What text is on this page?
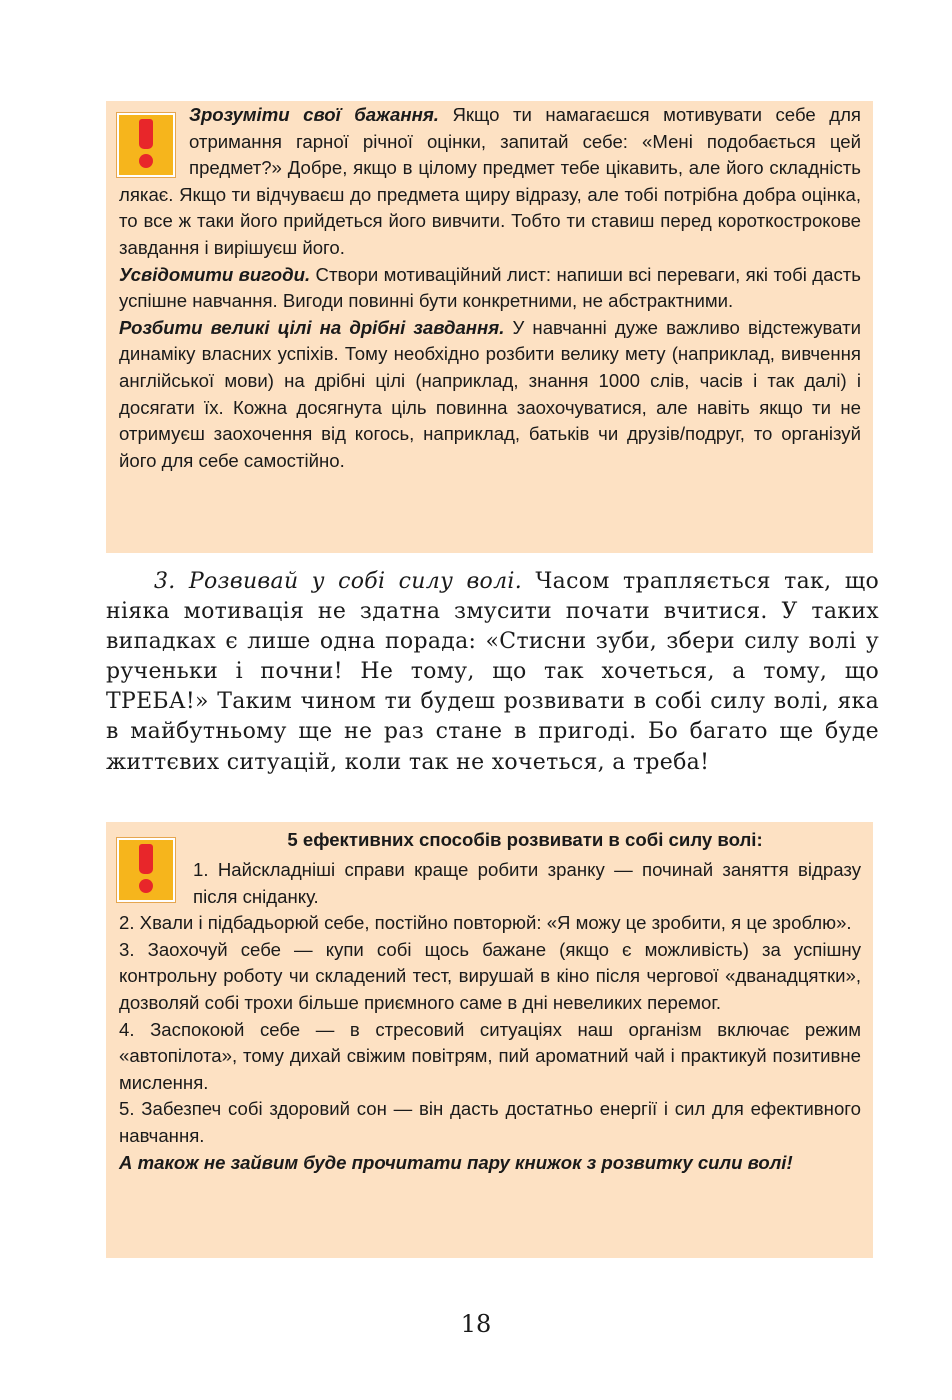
Зрозуміти свої бажання. Якщо ти намагаєшся мотивувати себе для отримання гарної річної оцінки, запитай себе: «Мені подобається цей предмет?» Добре, якщо в цілому предмет тебе цікавить, але його складність лякає. Якщо ти відчуваєш до предмета щиру відразу, але тобі потрібна добра оцінка, то все ж таки його прийдеться його вивчити. Тобто ти ставиш перед короткострокове завдання і вирішуєш його.

Усвідомити вигоди. Створи мотиваційний лист: напиши всі переваги, які тобі дасть успішне навчання. Вигоди повинні бути конкретними, не абстрактними.

Розбити великі цілі на дрібні завдання. У навчанні дуже важливо відстежувати динаміку власних успіхів. Тому необхідно розбити велику мету (наприклад, вивчення англійської мови) на дрібні цілі (наприклад, знання 1000 слів, часів і так далі) і досягати їх. Кожна досягнута ціль повинна заохочуватися, але навіть якщо ти не отримуєш заохочення від когось, наприклад, батьків чи друзів/подруг, то організуй його для себе самостійно.

3. Розвивай у собі силу волі. Часом трапляється так, що ніяка мотивація не здатна змусити почати вчитися. У таких випадках є лише одна порада: «Стисни зуби, збери силу волі у рученьки і почни! Не тому, що так хочеться, а тому, що ТРЕБА!» Таким чином ти будеш розвивати в собі силу волі, яка в майбутньому ще не раз стане в пригоді. Бо багато ще буде життєвих ситуацій, коли так не хочеться, а треба!

5 ефективних способів розвивати в собі силу волі:

1. Найскладніші справи краще робити зранку — починай заняття відразу після сніданку.

2. Хвали і підбадьорюй себе, постійно повторюй: «Я можу це зробити, я це зроблю».

3. Заохочуй себе — купи собі щось бажане (якщо є можливість) за успішну контрольну роботу чи складений тест, вирушай в кіно після чергової «дванадцятки», дозволяй собі трохи більше приємного саме в дні невеликих перемог.

4. Заспокоюй себе — в стресовий ситуаціях наш організм включає режим «автопілота», тому дихай свіжим повітрям, пий ароматний чай і практикуй позитивне мислення.

5. Забезпеч собі здоровий сон — він дасть достатньо енергії і сил для ефективного навчання.

А також не зайвим буде прочитати пару книжок з розвитку сили волі!

18
